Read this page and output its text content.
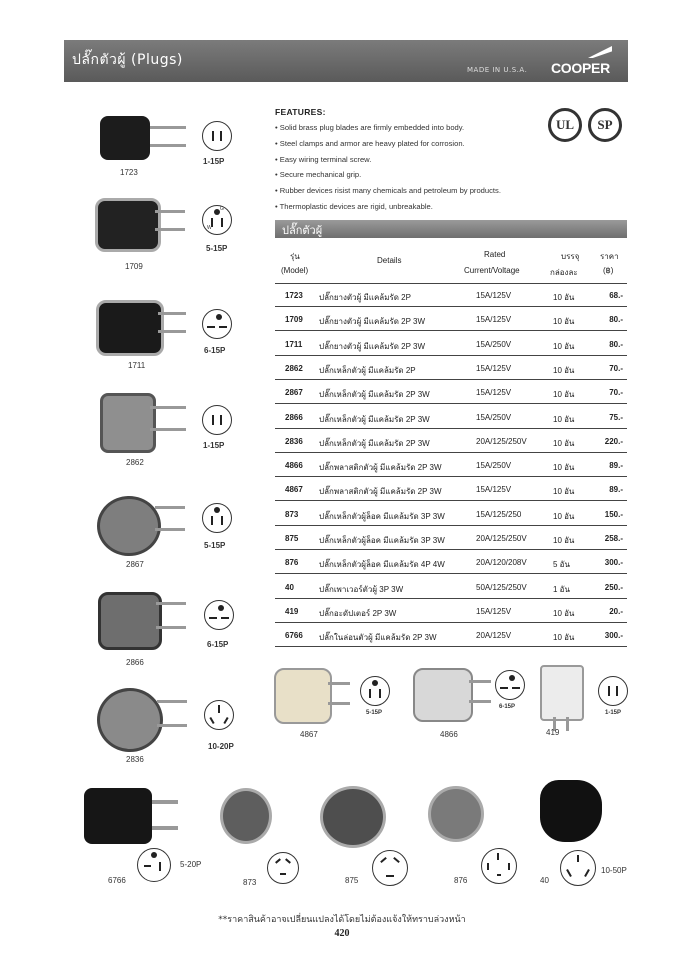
ปลั๊กตัวผู้ (Plugs)
MADE IN U.S.A. COOPER
FEATURES:
• Solid brass plug blades are firmly embedded into body.
• Steel clamps and armor are heavy plated for corrosion.
• Easy wiring terminal screw.
• Secure mechanical grip.
• Rubber devices risist many chemicals and petroleum by products.
• Thermoplastic devices are rigid, unbreakable.
UL	SP
ปลั๊กตัวผู้
รุ่น
(Model)
Details
Rated
Current/Voltage
บรรจุ
กล่องละ
ราคา
(฿)
1723 ปลั๊กยางตัวผู้ มีแคล้มรัด 2P	15A/125V	10 อัน	68.-
1709 ปลั๊กยางตัวผู้ มีแคล้มรัด 2P 3W	15A/125V	10 อัน	80.-
1711 ปลั๊กยางตัวผู้ มีแคล้มรัด 2P 3W	15A/250V	10 อัน	80.-
2862 ปลั๊กเหล็กตัวผู้ มีแคล้มรัด 2P	15A/125V	10 อัน	70.-
2867 ปลั๊กเหล็กตัวผู้ มีแคล้มรัด 2P 3W	15A/125V	10 อัน	70.-
2866 ปลั๊กเหล็กตัวผู้ มีแคล้มรัด 2P 3W	15A/250V	10 อัน	75.-
2836 ปลั๊กเหล็กตัวผู้ มีแคล้มรัด 2P 3W	20A/125/250V	10 อัน	220.-
4866 ปลั๊กพลาสติกตัวผู้ มีแคล้มรัด 2P 3W	15A/250V	10 อัน	89.-
4867 ปลั๊กพลาสติกตัวผู้ มีแคล้มรัด 2P 3W	15A/125V	10 อัน	89.-
873	ปลั๊กเหล็กตัวผู้ล็อค มีแคล้มรัด 3P 3W	15A/125/250	10 อัน	150.-
875	ปลั๊กเหล็กตัวผู้ล็อค มีแคล้มรัด 3P 3W	20A/125/250V	10 อัน	258.-
876	ปลั๊กเหล็กตัวผู้ล็อค มีแคล้มรัด 4P 4W	20A/120/208V	5 อัน	300.-
40	ปลั๊กเพาเวอร์ตัวผู้ 3P 3W	50A/125/250V	1 อัน	250.-
419	ปลั๊กอะดัปเตอร์ 2P 3W	15A/125V	10 อัน	20.-
6766 ปลั๊กในล่อนตัวผู้ มีแคล้มรัด 2P 3W	20A/125V	10 อัน	300.-
1-15P
1723
G
W
5-15P
1709
6-15P
1711
1-15P
2862
5-15P
2867
6-15P
2866
10-20P
2836
5-15P
4867
6-15P
4866
1-15P
419
5-20P
6766	873	875	876
10-50P
40
**ราคาสินค้าอาจเปลี่ยนแปลงได้โดยไม่ต้องแจ้งให้ทราบล่วงหน้า
420
